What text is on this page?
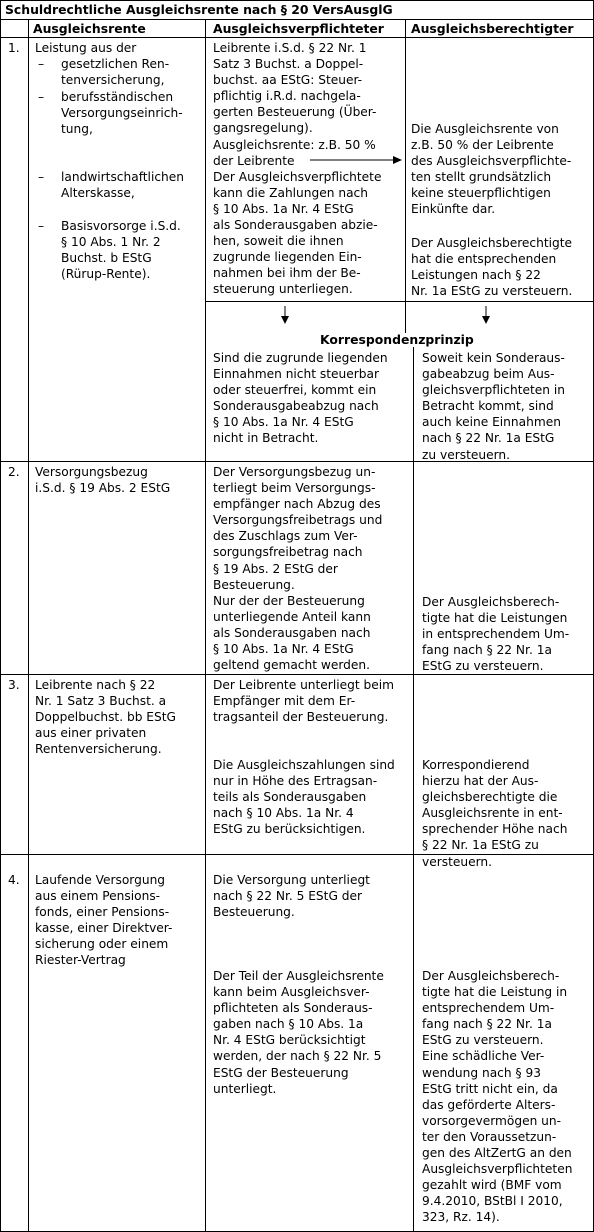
Schuldrechtliche Ausgleichsrente nach § 20 VersAusglG
Ausgleichsrente	Ausgleichsverpflichteter Ausgleichsberechtigter
1. Leistung aus der
– gesetzlichen Ren-
tenversicherung,
– berufsständischen
Versorgungseinrich-
tung,
– landwirtschaftlichen
Alterskasse,
– Basisvorsorge i.S.d.
§ 10 Abs. 1 Nr. 2
Buchst. b EStG
(Rürup-Rente).
Leibrente i.S.d. § 22 Nr. 1
Satz 3 Buchst. a Doppel-
buchst. aa EStG: Steuer-
pflichtig i.R.d. nachgela-
gerten Besteuerung (Über-
gangsregelung).
Ausgleichsrente: z.B. 50 %
der Leibrente
Der Ausgleichsverpflichtete
kann die Zahlungen nach
§ 10 Abs. 1a Nr. 4 EStG
als Sonderausgaben abzie-
hen, soweit die ihnen
zugrunde liegenden Ein-
nahmen bei ihm der Be-
steuerung unterliegen.
Die Ausgleichsrente von
z.B. 50 % der Leibrente
des Ausgleichsverpflichte-
ten stellt grundsätzlich
keine steuerpflichtigen
Einkünfte dar.
Der Ausgleichsberechtigte
hat die entsprechenden
Leistungen nach § 22
Nr. 1a EStG zu versteuern.
Korrespondenzprinzip
Sind die zugrunde liegenden
Einnahmen nicht steuerbar
oder steuerfrei, kommt ein
Sonderausgabeabzug nach
§ 10 Abs. 1a Nr. 4 EStG
nicht in Betracht.
Soweit kein Sonderaus-
gabeabzug beim Aus-
gleichsverpflichteten in
Betracht kommt, sind
auch keine Einnahmen
nach § 22 Nr. 1a EStG
zu versteuern.
2. Versorgungsbezug
i.S.d. § 19 Abs. 2 EStG
Der Versorgungsbezug un-
terliegt beim Versorgungs-
empfänger nach Abzug des
Versorgungsfreibetrags und
des Zuschlags zum Ver-
sorgungsfreibetrag nach
§ 19 Abs. 2 EStG der
Besteuerung.
Nur der der Besteuerung
unterliegende Anteil kann
als Sonderausgaben nach
§ 10 Abs. 1a Nr. 4 EStG
geltend gemacht werden.
Der Ausgleichsberech-
tigte hat die Leistungen
in entsprechendem Um-
fang nach § 22 Nr. 1a
EStG zu versteuern.
3. Leibrente nach § 22
Nr. 1 Satz 3 Buchst. a
Doppelbuchst. bb EStG
aus einer privaten
Rentenversicherung.
Der Leibrente unterliegt beim
Empfänger mit dem Er-
tragsanteil der Besteuerung.
Die Ausgleichszahlungen sind
nur in Höhe des Ertragsan-
teils als Sonderausgaben
nach § 10 Abs. 1a Nr. 4
EStG zu berücksichtigen.
Korrespondierend
hierzu hat der Aus-
gleichsberechtigte die
Ausgleichsrente in ent-
sprechender Höhe nach
§ 22 Nr. 1a EStG zu
versteuern.
4. Laufende Versorgung
aus einem Pensions-
fonds, einer Pensions-
kasse, einer Direktver-
sicherung oder einem
Riester-Vertrag
Die Versorgung unterliegt
nach § 22 Nr. 5 EStG der
Besteuerung.
Der Teil der Ausgleichsrente
kann beim Ausgleichsver-
pflichteten als Sonderaus-
gaben nach § 10 Abs. 1a
Nr. 4 EStG berücksichtigt
werden, der nach § 22 Nr. 5
EStG der Besteuerung
unterliegt.
Der Ausgleichsberech-
tigte hat die Leistung in
entsprechendem Um-
fang nach § 22 Nr. 1a
EStG zu versteuern.
Eine schädliche Ver-
wendung nach § 93
EStG tritt nicht ein, da
das geförderte Alters-
vorsorgevermögen un-
ter den Voraussetzun-
gen des AltZertG an den
Ausgleichsverpflichteten
gezahlt wird (BMF vom
9.4.2010, BStBl I 2010,
323, Rz. 14).
